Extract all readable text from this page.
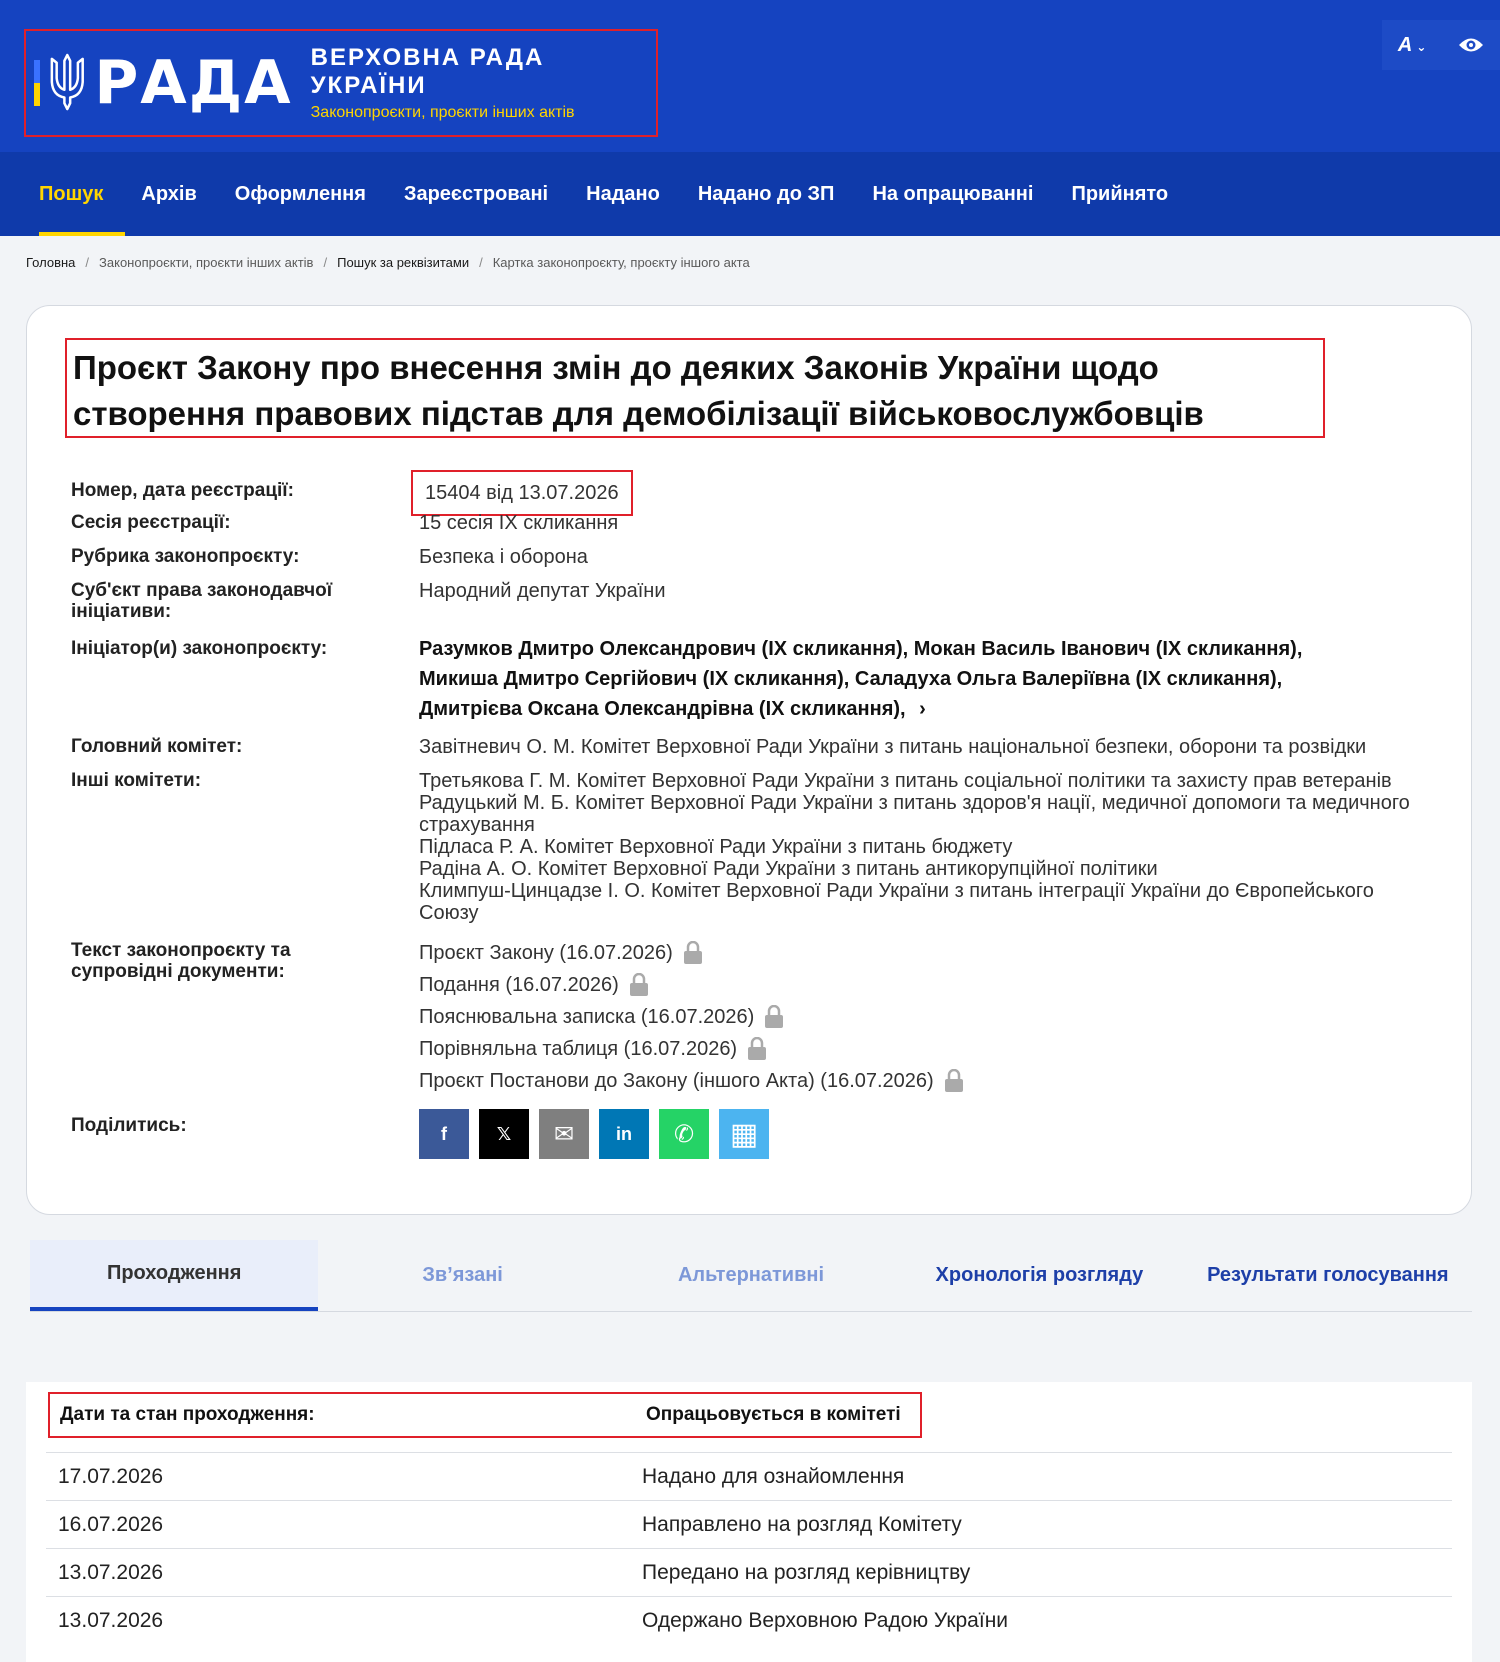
РАДА ВЕРХОВНА РАДА УКРАЇНИ
Законопроєкти, проєкти інших актів
A ⌄
Пошук	Архів	Оформлення	Зареєстровані	Надано	Надано до ЗП	На опрацюванні	Прийнято
Головна / Законопроєкти, проєкти інших актів / Пошук за реквізитами / Картка законопроєкту, проєкту іншого акта
Проєкт Закону про внесення змін до деяких Законів України щодо створення правових підстав для демобілізації військовослужбовців
Номер, дата реєстрації:	15404 від 13.07.2026
Сесія реєстрації:	15 сесія IX скликання
Рубрика законопроєкту:	Безпека і оборона
Суб'єкт права законодавчої ініціативи:
Народний депутат України
Ініціатор(и) законопроєкту:	Разумков Дмитро Олександрович (IX скликання), Мокан Василь Іванович (IX скликання), Микиша Дмитро Сергійович (IX скликання), Саладуха Ольга Валеріївна (IX скликання), Дмитрієва Оксана Олександрівна (IX скликання), ›
Головний комітет:	Завітневич О. М. Комітет Верховної Ради України з питань національної безпеки, оборони та розвідки
Інші комітети:	Третьякова Г. М. Комітет Верховної Ради України з питань соціальної політики та захисту прав ветеранів
Радуцький М. Б. Комітет Верховної Ради України з питань здоров'я нації, медичної допомоги та медичного страхування
Підласа Р. А. Комітет Верховної Ради України з питань бюджету
Радіна А. О. Комітет Верховної Ради України з питань антикорупційної політики
Климпуш-Цинцадзе І. О. Комітет Верховної Ради України з питань інтеграції України до Європейського Союзу
Текст законопроєкту та супровідні документи:
Проєкт Закону (16.07.2026)
Подання (16.07.2026)
Пояснювальна записка (16.07.2026)
Порівняльна таблиця (16.07.2026)
Проєкт Постанови до Закону (іншого Акта) (16.07.2026)
Поділитись:	f	𝕏	✉	in	✆	▦
Проходження	Зв’язані	Альтернативні	Хронологія розгляду	Результати голосування
Дати та стан проходження:	Опрацьовується в комітеті
17.07.2026	Надано для ознайомлення
16.07.2026	Направлено на розгляд Комітету
13.07.2026	Передано на розгляд керівництву
13.07.2026	Одержано Верховною Радою України
